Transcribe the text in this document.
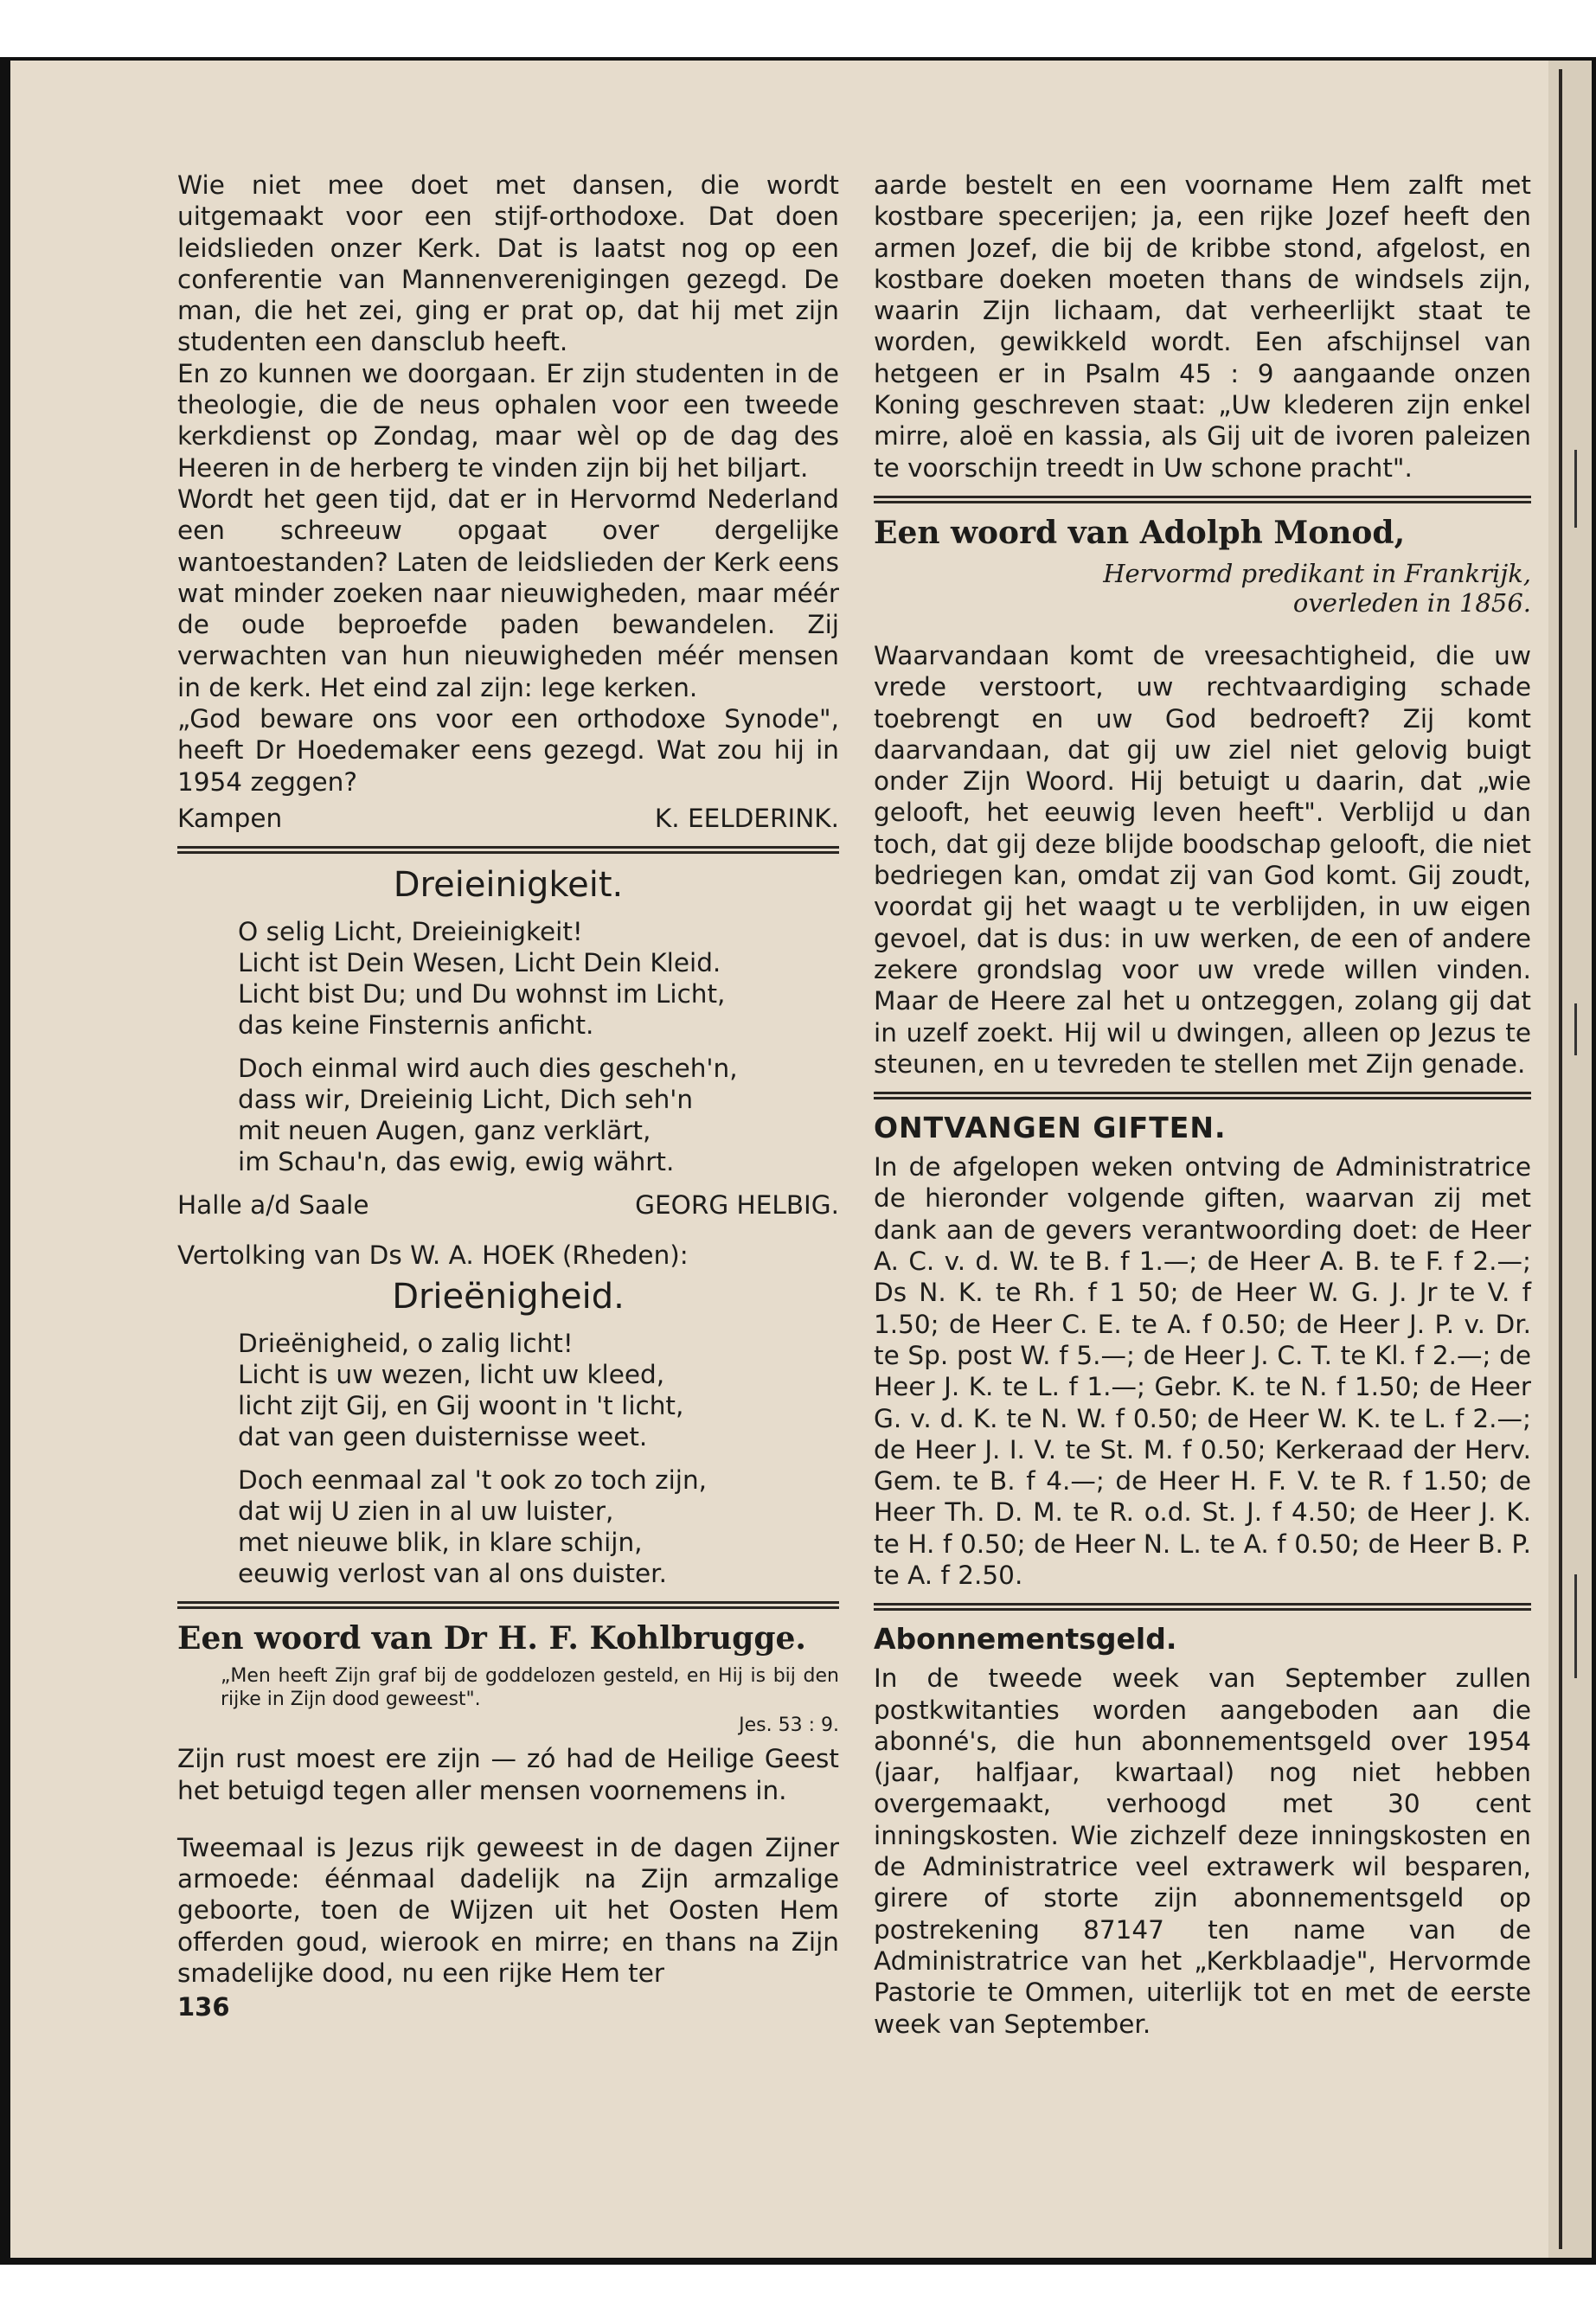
Wie niet mee doet met dansen, die wordt uitgemaakt voor een stijf-orthodoxe. Dat doen leidslieden onzer Kerk. Dat is laatst nog op een conferentie van Mannenverenigingen gezegd. De man, die het zei, ging er prat op, dat hij met zijn studenten een dansclub heeft.

En zo kunnen we doorgaan. Er zijn studenten in de theologie, die de neus ophalen voor een tweede kerkdienst op Zondag, maar wèl op de dag des Heeren in de herberg te vinden zijn bij het biljart.

Wordt het geen tijd, dat er in Hervormd Nederland een schreeuw opgaat over dergelijke wantoestanden? Laten de leidslieden der Kerk eens wat minder zoeken naar nieuwigheden, maar méér de oude beproefde paden bewandelen. Zij verwachten van hun nieuwigheden méér mensen in de kerk. Het eind zal zijn: lege kerken.

„God beware ons voor een orthodoxe Synode", heeft Dr Hoedemaker eens gezegd. Wat zou hij in 1954 zeggen?

Kampen	K. EELDERINK.
Dreieinigkeit.
O selig Licht, Dreieinigkeit!
Licht ist Dein Wesen, Licht Dein Kleid.
Licht bist Du; und Du wohnst im Licht,
das keine Finsternis anficht.
Doch einmal wird auch dies gescheh'n,
dass wir, Dreieinig Licht, Dich seh'n
mit neuen Augen, ganz verklärt,
im Schau'n, das ewig, ewig währt.
Halle a/d Saale	GEORG HELBIG.

Vertolking van Ds W. A. HOEK (Rheden):

Drieënigheid.
Drieënigheid, o zalig licht!
Licht is uw wezen, licht uw kleed,
licht zijt Gij, en Gij woont in 't licht,
dat van geen duisternisse weet.
Doch eenmaal zal 't ook zo toch zijn,
dat wij U zien in al uw luister,
met nieuwe blik, in klare schijn,
eeuwig verlost van al ons duister.
Een woord van Dr H. F. Kohlbrugge.
„Men heeft Zijn graf bij de goddelozen gesteld, en Hij is bij den rijke in Zijn dood geweest".
Jes. 53 : 9.

Zijn rust moest ere zijn — zó had de Heilige Geest het betuigd tegen aller mensen voornemens in.

Tweemaal is Jezus rijk geweest in de dagen Zijner armoede: éénmaal dadelijk na Zijn armzalige geboorte, toen de Wijzen uit het Oosten Hem offerden goud, wierook en mirre; en thans na Zijn smadelijke dood, nu een rijke Hem ter

136

aarde bestelt en een voorname Hem zalft met kostbare specerijen; ja, een rijke Jozef heeft den armen Jozef, die bij de kribbe stond, afgelost, en kostbare doeken moeten thans de windsels zijn, waarin Zijn lichaam, dat verheerlijkt staat te worden, gewikkeld wordt. Een afschijnsel van hetgeen er in Psalm 45 : 9 aangaande onzen Koning geschreven staat: „Uw klederen zijn enkel mirre, aloë en kassia, als Gij uit de ivoren paleizen te voorschijn treedt in Uw schone pracht".

Een woord van Adolph Monod,
Hervormd predikant in Frankrijk,
overleden in 1856.

Waarvandaan komt de vreesachtigheid, die uw vrede verstoort, uw rechtvaardiging schade toebrengt en uw God bedroeft? Zij komt daarvandaan, dat gij uw ziel niet gelovig buigt onder Zijn Woord. Hij betuigt u daarin, dat „wie gelooft, het eeuwig leven heeft". Verblijd u dan toch, dat gij deze blijde boodschap gelooft, die niet bedriegen kan, omdat zij van God komt. Gij zoudt, voordat gij het waagt u te verblijden, in uw eigen gevoel, dat is dus: in uw werken, de een of andere zekere grondslag voor uw vrede willen vinden. Maar de Heere zal het u ontzeggen, zolang gij dat in uzelf zoekt. Hij wil u dwingen, alleen op Jezus te steunen, en u tevreden te stellen met Zijn genade.

ONTVANGEN GIFTEN.

In de afgelopen weken ontving de Administratrice de hieronder volgende giften, waarvan zij met dank aan de gevers verantwoording doet: de Heer A. C. v. d. W. te B. f 1.—; de Heer A. B. te F. f 2.—; Ds N. K. te Rh. f 1 50; de Heer W. G. J. Jr te V. f 1.50; de Heer C. E. te A. f 0.50; de Heer J. P. v. Dr. te Sp. post W. f 5.—; de Heer J. C. T. te Kl. f 2.—; de Heer J. K. te L. f 1.—; Gebr. K. te N. f 1.50; de Heer G. v. d. K. te N. W. f 0.50; de Heer W. K. te L. f 2.—; de Heer J. I. V. te St. M. f 0.50; Kerkeraad der Herv. Gem. te B. f 4.—; de Heer H. F. V. te R. f 1.50; de Heer Th. D. M. te R. o.d. St. J. f 4.50; de Heer J. K. te H. f 0.50; de Heer N. L. te A. f 0.50; de Heer B. P. te A. f 2.50.

Abonnementsgeld.

In de tweede week van September zullen postkwitanties worden aangeboden aan die abonné's, die hun abonnementsgeld over 1954 (jaar, halfjaar, kwartaal) nog niet hebben overgemaakt, verhoogd met 30 cent inningskosten. Wie zichzelf deze inningskosten en de Administratrice veel extrawerk wil besparen, girere of storte zijn abonnementsgeld op postrekening 87147 ten name van de Administratrice van het „Kerkblaadje", Hervormde Pastorie te Ommen, uiterlijk tot en met de eerste week van September.
